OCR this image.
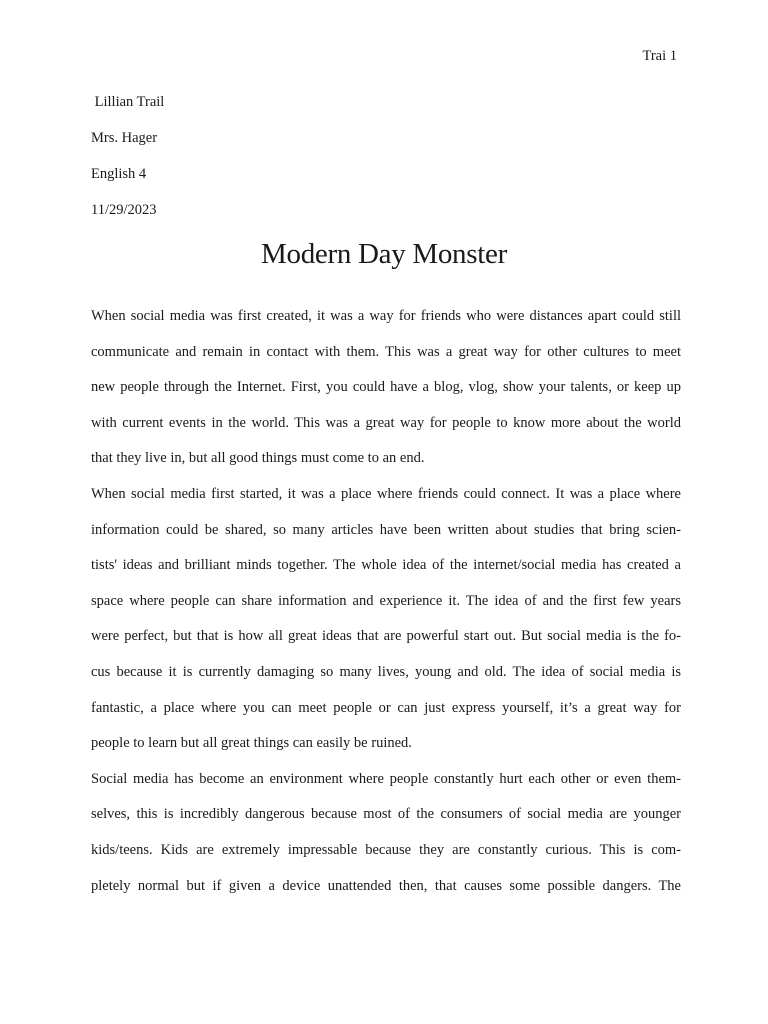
Trai 1
Lillian Trail
Mrs. Hager
English 4
11/29/2023
Modern Day Monster
When social media was first created, it was a way for friends who were distances apart could still
communicate and remain in contact with them. This was a great way for other cultures to meet
new people through the Internet. First, you could have a blog, vlog, show your talents, or keep up
with current events in the world. This was a great way for people to know more about the world
that they live in, but all good things must come to an end.
When social media first started, it was a place where friends could connect. It was a place where
information could be shared, so many articles have been written about studies that bring scien-
tists' ideas and brilliant minds together. The whole idea of the internet/social media has created a
space where people can share information and experience it. The idea of and the first few years
were perfect, but that is how all great ideas that are powerful start out. But social media is the fo-
cus because it is currently damaging so many lives, young and old. The idea of social media is
fantastic, a place where you can meet people or can just express yourself, it’s a great way for
people to learn but all great things can easily be ruined.
Social media has become an environment where people constantly hurt each other or even them-
selves, this is incredibly dangerous because most of the consumers of social media are younger
kids/teens. Kids are extremely impressable because they are constantly curious. This is com-
pletely normal but if given a device unattended then, that causes some possible dangers. The
